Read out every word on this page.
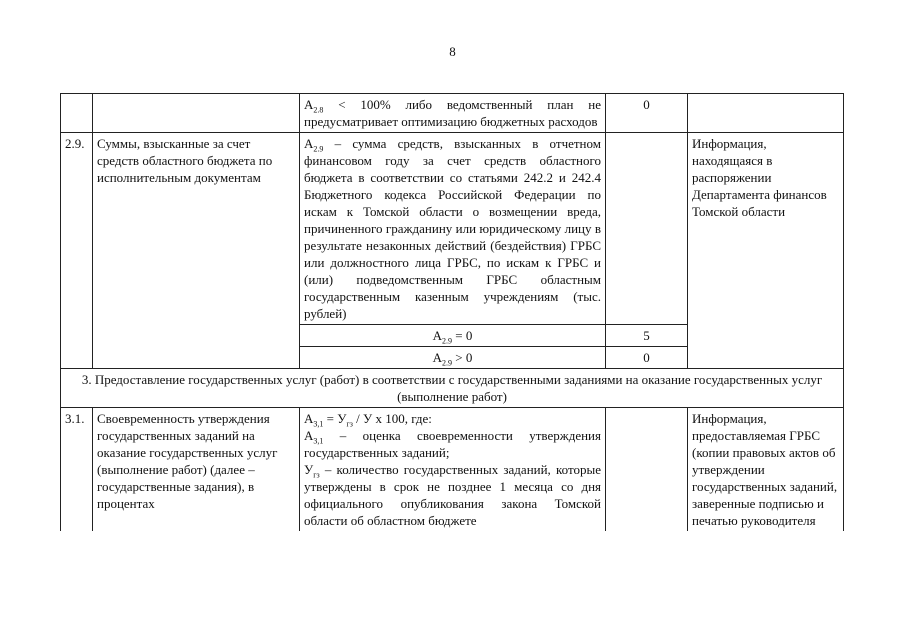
8
		$A_{2.8} < 100\%$ либо ведомственный план не предусматривает оптимизацию бюджетных расходов	0	
2.9.	Суммы, взысканные за счет средств областного бюджета по исполнительным документам	$A_{2.9}$ – сумма средств, взысканных в отчетном финансовом году за счет средств областного бюджета в соответствии со статьями 242.2 и 242.4 Бюджетного кодекса Российской Федерации по искам к Томской области о возмещении вреда, причиненного гражданину или юридическому лицу в результате незаконных действий (бездействия) ГРБС или должностного лица ГРБС, по искам к ГРБС и (или) подведомственным ГРБС областным государственным казенным учреждениям (тыс. рублей)		Информация, находящаяся в распоряжении Департамента финансов Томской области
		$A_{2.9} = 0$	5	
		$A_{2.9} > 0$	0	
3. Предоставление государственных услуг (работ) в соответствии с государственными заданиями на оказание государственных услуг (выполнение работ)				
3.1.	Своевременность утверждения государственных заданий на оказание государственных услуг (выполнение работ) (далее – государственные задания), в процентах	$A_{3,1} = У_{гз} / У$ х 100, где:
$A_{3,1}$ – оценка своевременности утверждения государственных заданий;
$У_{гз}$ – количество государственных заданий, которые утверждены в срок не позднее 1 месяца со дня официального опубликования закона Томской области об областном бюджете		Информация, предоставляемая ГРБС (копии правовых актов об утверждении государственных заданий, заверенные подписью и печатью руководителя
